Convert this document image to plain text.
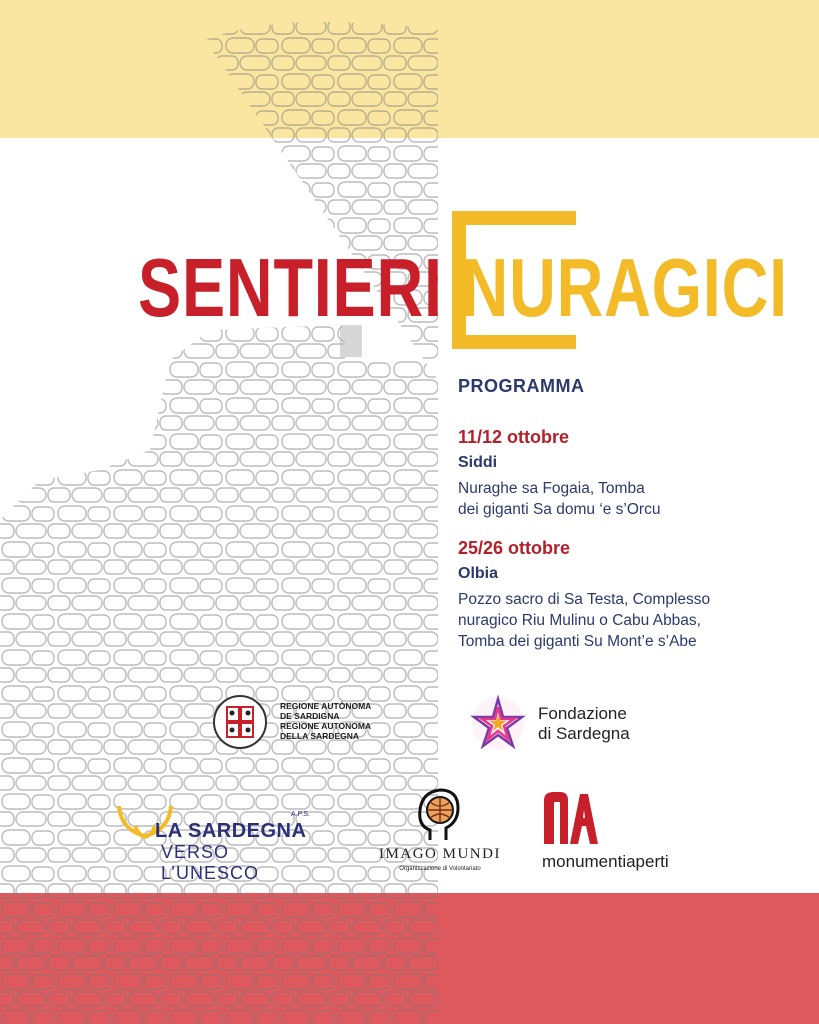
SENTIERI NURAGICI
PROGRAMMA
11/12 ottobre
Siddi
Nuraghe sa Fogaia, Tomba
dei giganti Sa domu ‘e s’Orcu
25/26 ottobre
Olbia
Pozzo sacro di Sa Testa, Complesso
nuragico Riu Mulinu o Cabu Abbas,
Tomba dei giganti Su Mont’e s’Abe
REGIONE AUTÒNOMA
DE SARDIGNA
REGIONE AUTONOMA
DELLA SARDEGNA
Fondazione
di Sardegna
A.P.S.
LA SARDEGNA
VERSO L’UNESCO
IMAGO MUNDI
Organizzazione di Volontariato	monumentiaperti
